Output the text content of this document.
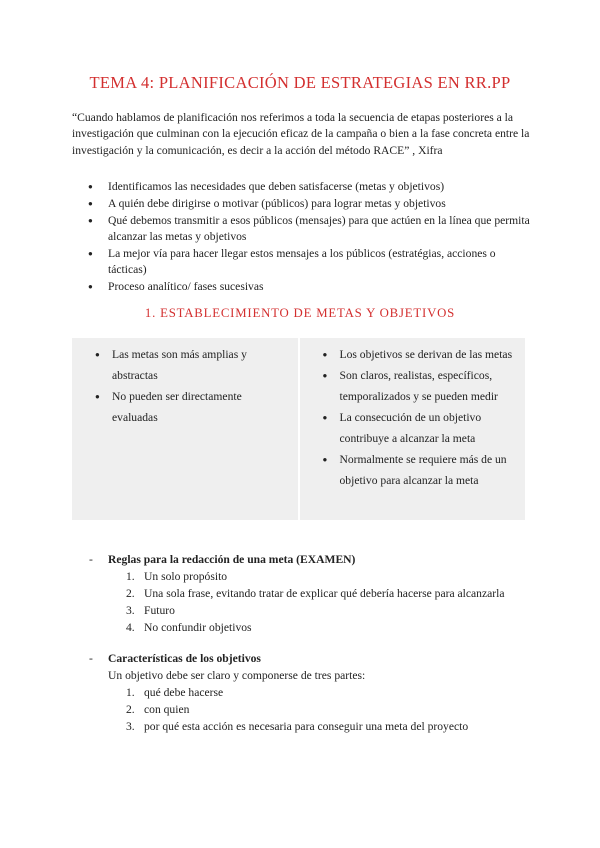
TEMA 4: PLANIFICACIÓN DE ESTRATEGIAS EN RR.PP
“Cuando hablamos de planificación nos referimos a toda la secuencia de etapas posteriores a la investigación que culminan con la ejecución eficaz de la campaña o bien a la fase concreta entre la investigación y la comunicación, es decir a la acción del método RACE” , Xifra
● Identificamos las necesidades que deben satisfacerse (metas y objetivos)
● A quién debe dirigirse o motivar (públicos) para lograr metas y objetivos
● Qué debemos transmitir a esos públicos (mensajes) para que actúen en la línea que permita alcanzar las metas y objetivos
● La mejor vía para hacer llegar estos mensajes a los públicos (estratégias, acciones o tácticas)
● Proceso analítico/ fases sucesivas
1. ESTABLECIMIENTO DE METAS Y OBJETIVOS
● Las metas son más amplias y abstractas
● No pueden ser directamente evaluadas
● Los objetivos se derivan de las metas
● Son claros, realistas, específicos, temporalizados y se pueden medir
● La consecución de un objetivo contribuye a alcanzar la meta
● Normalmente se requiere más de un objetivo para alcanzar la meta
- Reglas para la redacción de una meta (EXAMEN)
1. Un solo propósito
2. Una sola frase, evitando tratar de explicar qué debería hacerse para alcanzarla
3. Futuro
4. No confundir objetivos
- Características de los objetivos
Un objetivo debe ser claro y componerse de tres partes:
1. qué debe hacerse
2. con quien
3. por qué esta acción es necesaria para conseguir una meta del proyecto
